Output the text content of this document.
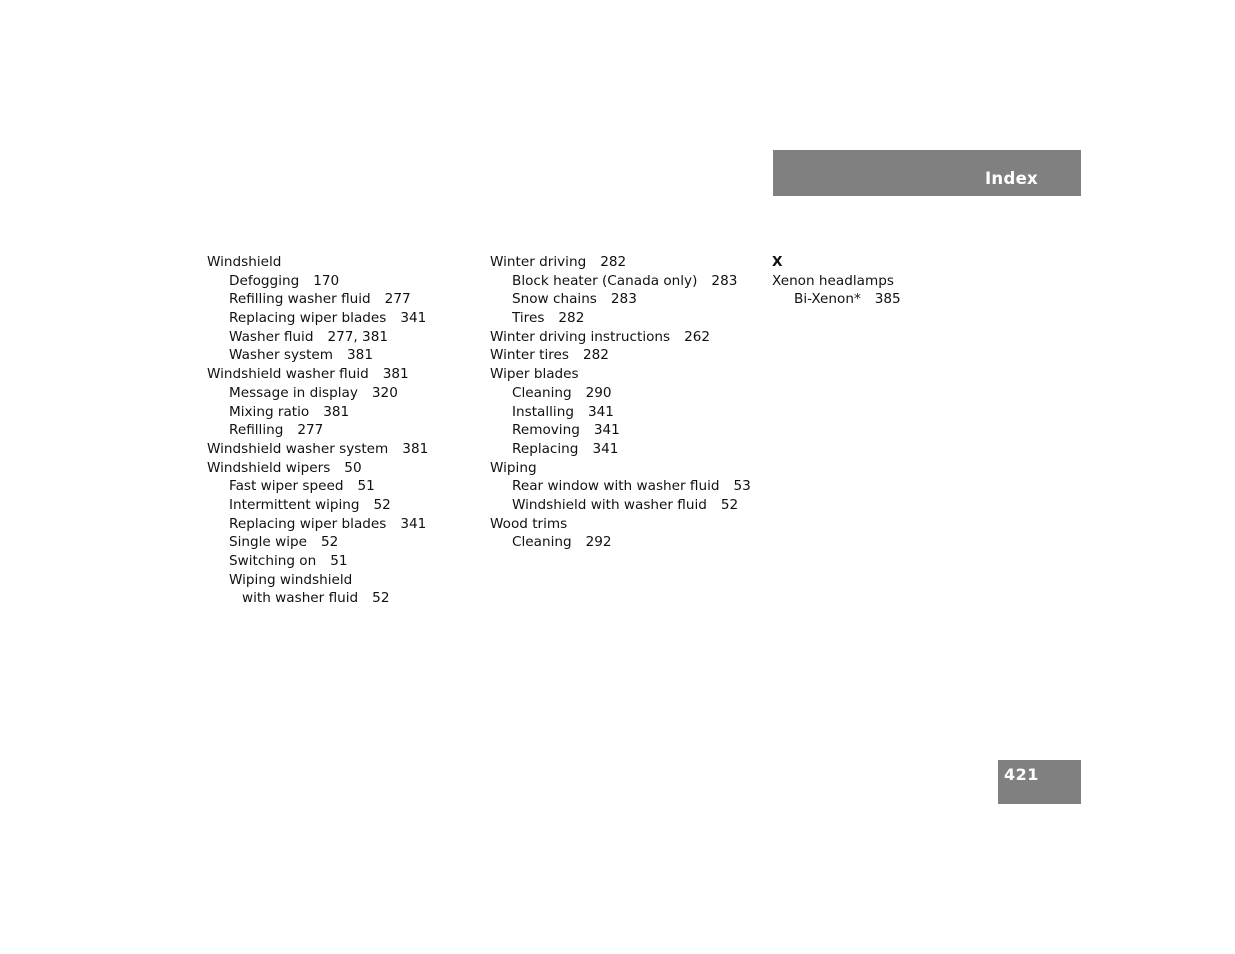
Index
Windshield
Defogging 170
Refilling washer fluid 277
Replacing wiper blades 341
Washer fluid 277, 381
Washer system 381
Windshield washer fluid 381
Message in display 320
Mixing ratio 381
Refilling 277
Windshield washer system 381
Windshield wipers 50
Fast wiper speed 51
Intermittent wiping 52
Replacing wiper blades 341
Single wipe 52
Switching on 51
Wiping windshield
with washer fluid 52
Winter driving 282
Block heater (Canada only) 283
Snow chains 283
Tires 282
Winter driving instructions 262
Winter tires 282
Wiper blades
Cleaning 290
Installing 341
Removing 341
Replacing 341
Wiping
Rear window with washer fluid 53
Windshield with washer fluid 52
Wood trims
Cleaning 292
X
Xenon headlamps
Bi-Xenon* 385
421
